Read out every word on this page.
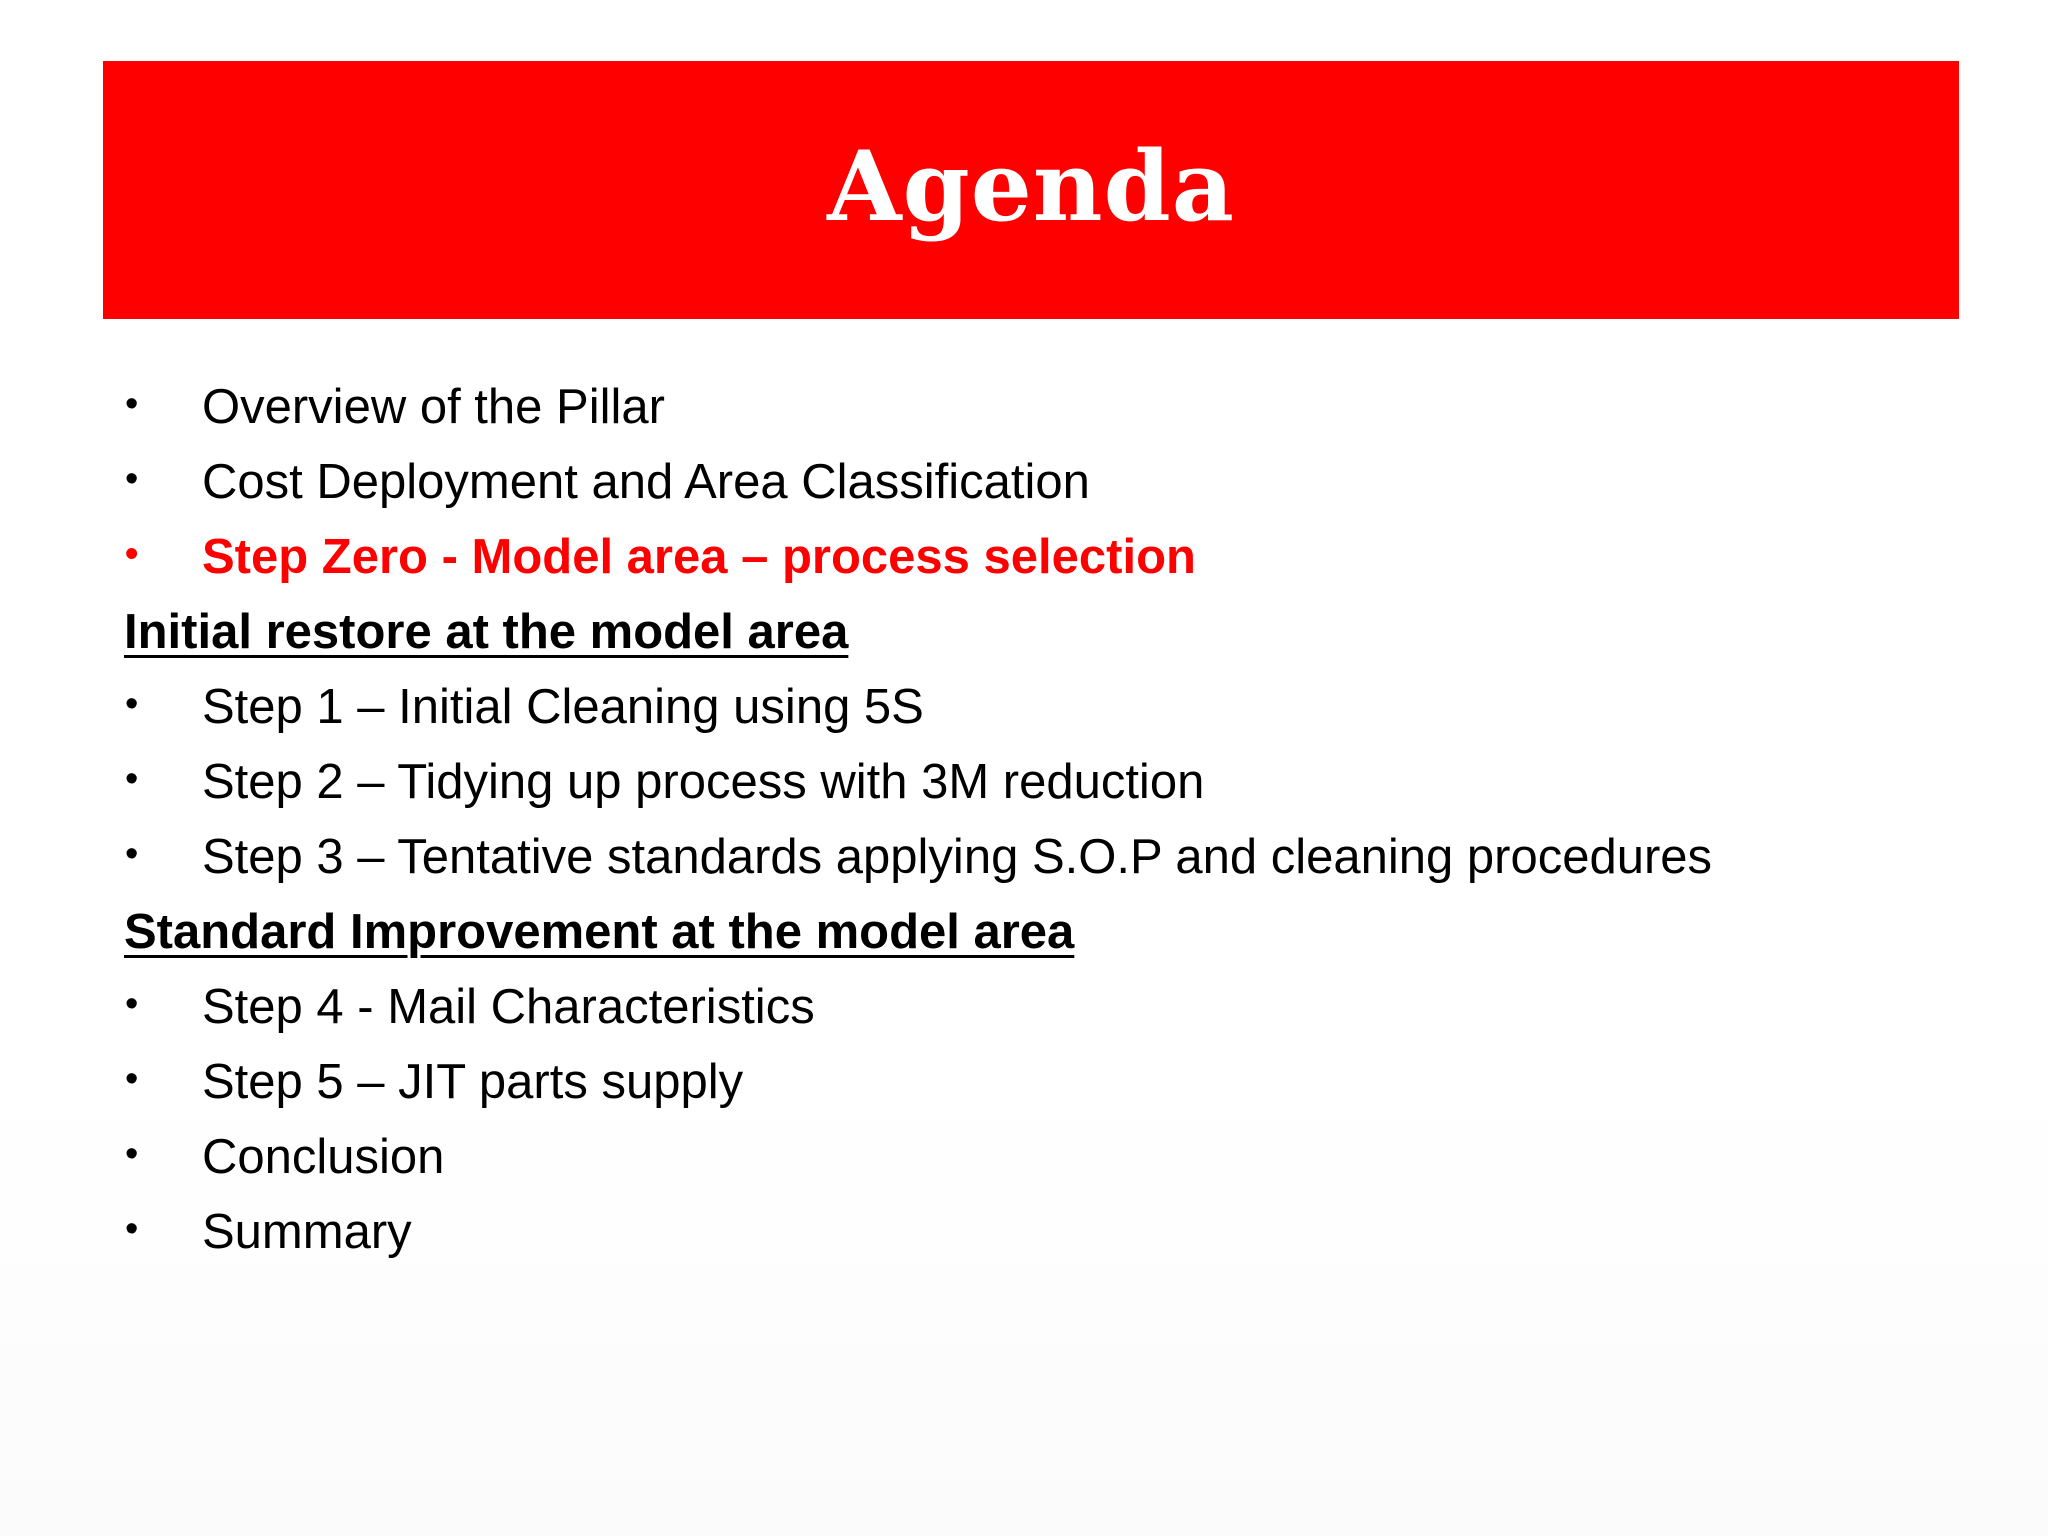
Agenda
•	Overview of the Pillar
•	Cost Deployment and Area Classification
•	Step Zero - Model area – process selection
Initial restore at the model area
•	Step 1 – Initial Cleaning using 5S
•	Step 2 – Tidying up process with 3M reduction
•	Step 3 – Tentative standards applying S.O.P and cleaning procedures
Standard Improvement at the model area
•	Step 4 - Mail Characteristics
•	Step 5 – JIT parts supply
•	Conclusion
•	Summary
